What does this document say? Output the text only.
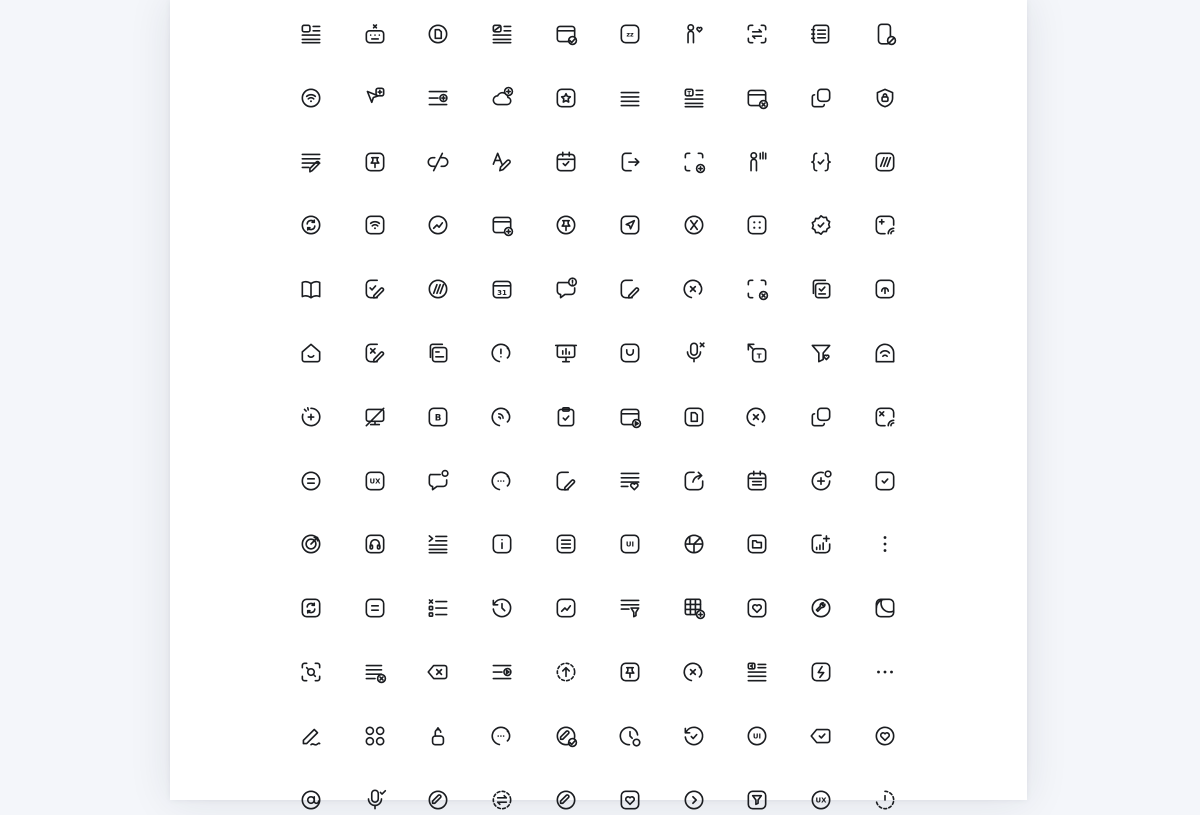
zz
T
31
T
B
UX
UI
UI
UX
